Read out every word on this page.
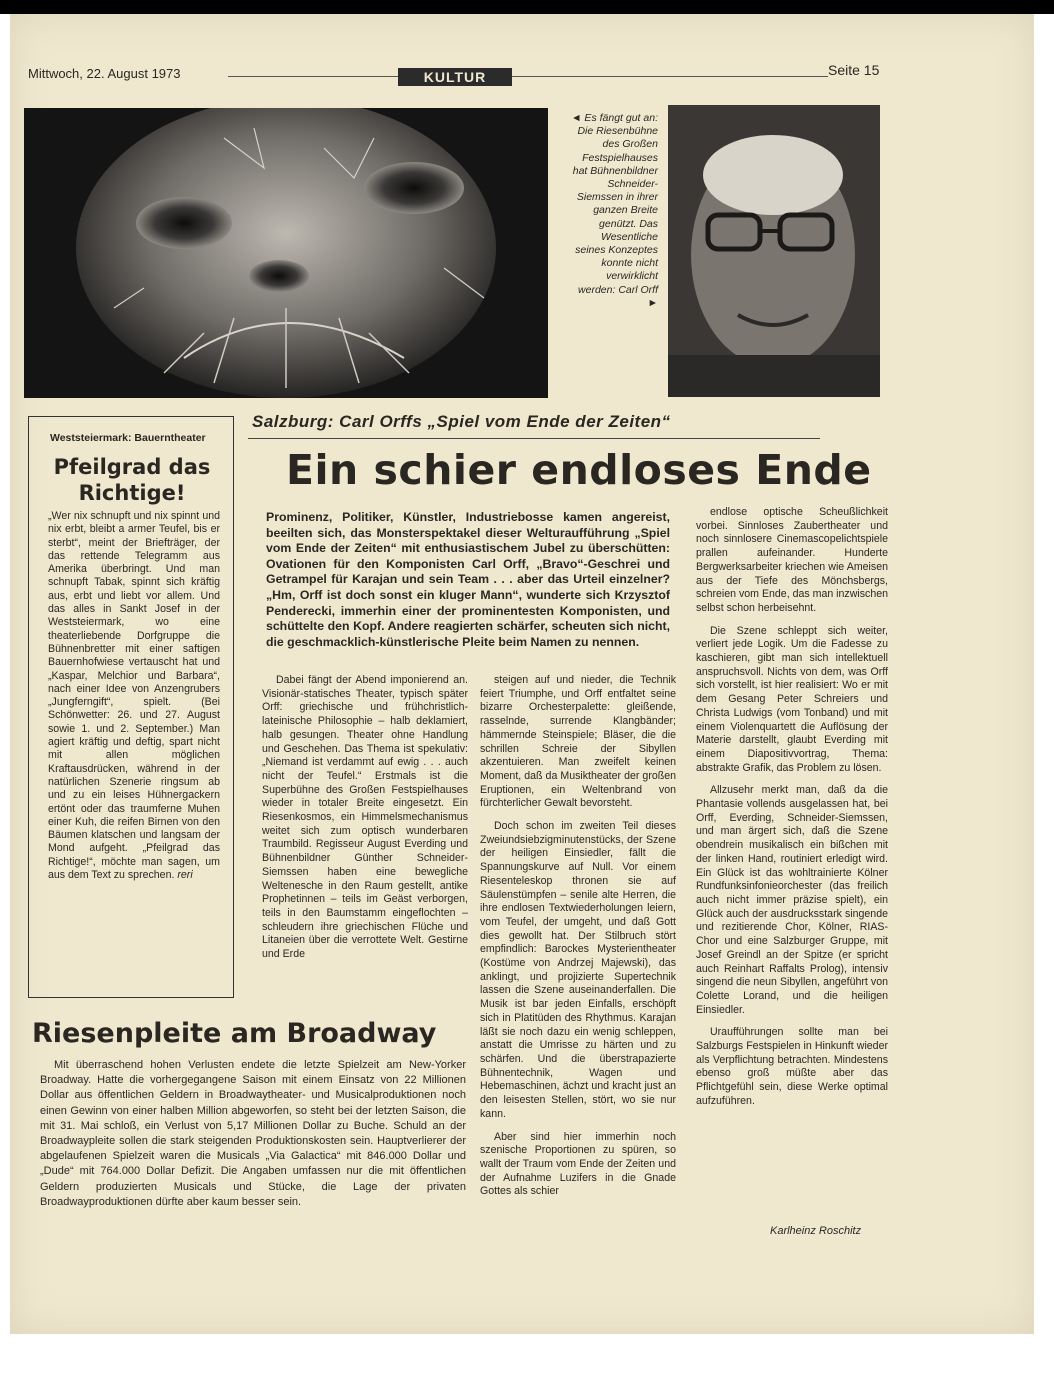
Mittwoch, 22. August 1973	KULTUR	Seite 15
◄ Es fängt gut an: Die Riesenbühne des Großen Festspielhauses hat Bühnenbildner Schneider-Siemssen in ihrer ganzen Breite genützt. Das Wesentliche seines Konzeptes konnte nicht verwirklicht werden: Carl Orff ►
Weststeiermark: Bauerntheater
Pfeilgrad das Richtige!
„Wer nix schnupft und nix spinnt und nix erbt, bleibt a armer Teufel, bis er sterbt“, meint der Briefträger, der das rettende Telegramm aus Amerika überbringt. Und man schnupft Tabak, spinnt sich kräftig aus, erbt und liebt vor allem. Und das alles in Sankt Josef in der Weststeiermark, wo eine theaterliebende Dorfgruppe die Bühnenbretter mit einer saftigen Bauernhofwiese vertauscht hat und „Kaspar, Melchior und Barbara“, nach einer Idee von Anzengrubers „Jungferngift“, spielt. (Bei Schönwetter: 26. und 27. August sowie 1. und 2. September.) Man agiert kräftig und deftig, spart nicht mit allen möglichen Kraftausdrücken, während in der natürlichen Szenerie ringsum ab und zu ein leises Hühnergackern ertönt oder das traumferne Muhen einer Kuh, die reifen Birnen von den Bäumen klatschen und langsam der Mond aufgeht. „Pfeilgrad das Richtige!“, möchte man sagen, um aus dem Text zu sprechen. reri
Salzburg: Carl Orffs „Spiel vom Ende der Zeiten“
Ein schier endloses Ende
Prominenz, Politiker, Künstler, Industriebosse kamen angereist, beeilten sich, das Monsterspektakel dieser Welturaufführung „Spiel vom Ende der Zeiten“ mit enthusiastischem Jubel zu überschütten: Ovationen für den Komponisten Carl Orff, „Bravo“-Geschrei und Getrampel für Karajan und sein Team . . . aber das Urteil einzelner? „Hm, Orff ist doch sonst ein kluger Mann“, wunderte sich Krzysztof Penderecki, immerhin einer der prominentesten Komponisten, und schüttelte den Kopf. Andere reagierten schärfer, scheuten sich nicht, die geschmacklich-künstlerische Pleite beim Namen zu nennen.

Dabei fängt der Abend imponierend an. Visionär-statisches Theater, typisch später Orff: griechische und frühchristlich-lateinische Philosophie – halb deklamiert, halb gesungen. Theater ohne Handlung und Geschehen. Das Thema ist spekulativ: „Niemand ist verdammt auf ewig . . . auch nicht der Teufel.“ Erstmals ist die Superbühne des Großen Festspielhauses wieder in totaler Breite eingesetzt. Ein Riesenkosmos, ein Himmelsmechanismus weitet sich zum optisch wunderbaren Traumbild. Regisseur August Everding und Bühnenbildner Günther Schneider-Siemssen haben eine bewegliche Weltenesche in den Raum gestellt, antike Prophetinnen – teils im Geäst verborgen, teils in den Baumstamm eingeflochten – schleudern ihre griechischen Flüche und Litaneien über die verrottete Welt. Gestirne und Erde

steigen auf und nieder, die Technik feiert Triumphe, und Orff entfaltet seine bizarre Orchesterpalette: gleißende, rasselnde, surrende Klangbänder; hämmernde Steinspiele; Bläser, die die schrillen Schreie der Sibyllen akzentuieren. Man zweifelt keinen Moment, daß da Musiktheater der großen Eruptionen, ein Weltenbrand von fürchterlicher Gewalt bevorsteht.

Doch schon im zweiten Teil dieses Zweiundsiebzigminutenstücks, der Szene der heiligen Einsiedler, fällt die Spannungskurve auf Null. Vor einem Riesenteleskop thronen sie auf Säulenstümpfen – senile alte Herren, die ihre endlosen Textwiederholungen leiern, vom Teufel, der umgeht, und daß Gott dies gewollt hat. Der Stilbruch stört empfindlich: Barockes Mysterientheater (Kostüme von Andrzej Majewski), das anklingt, und projizierte Supertechnik lassen die Szene auseinanderfallen. Die Musik ist bar jeden Einfalls, erschöpft sich in Platitüden des Rhythmus. Karajan läßt sie noch dazu ein wenig schleppen, anstatt die Umrisse zu härten und zu schärfen. Und die überstrapazierte Bühnentechnik, Wagen und Hebemaschinen, ächzt und kracht just an den leisesten Stellen, stört, wo sie nur kann.

Aber sind hier immerhin noch szenische Proportionen zu spüren, so wallt der Traum vom Ende der Zeiten und der Aufnahme Luzifers in die Gnade Gottes als schier

endlose optische Scheußlichkeit vorbei. Sinnloses Zaubertheater und noch sinnlosere Cinemascopelichtspiele prallen aufeinander. Hunderte Bergwerksarbeiter kriechen wie Ameisen aus der Tiefe des Mönchsbergs, schreien vom Ende, das man inzwischen selbst schon herbeisehnt.

Die Szene schleppt sich weiter, verliert jede Logik. Um die Fadesse zu kaschieren, gibt man sich intellektuell anspruchsvoll. Nichts von dem, was Orff sich vorstellt, ist hier realisiert: Wo er mit dem Gesang Peter Schreiers und Christa Ludwigs (vom Tonband) und mit einem Violenquartett die Auflösung der Materie darstellt, glaubt Everding mit einem Diapositivvortrag, Thema: abstrakte Grafik, das Problem zu lösen.

Allzusehr merkt man, daß da die Phantasie vollends ausgelassen hat, bei Orff, Everding, Schneider-Siemssen, und man ärgert sich, daß die Szene obendrein musikalisch ein bißchen mit der linken Hand, routiniert erledigt wird. Ein Glück ist das wohltrainierte Kölner Rundfunksinfonieorchester (das freilich auch nicht immer präzise spielt), ein Glück auch der ausdrucksstark singende und rezitierende Chor, Kölner, RIAS-Chor und eine Salzburger Gruppe, mit Josef Greindl an der Spitze (er spricht auch Reinhart Raffalts Prolog), intensiv singend die neun Sibyllen, angeführt von Colette Lorand, und die heiligen Einsiedler.

Uraufführungen sollte man bei Salzburgs Festspielen in Hinkunft wieder als Verpflichtung betrachten. Mindestens ebenso groß müßte aber das Pflichtgefühl sein, diese Werke optimal aufzuführen.

Karlheinz Roschitz
Riesenpleite am Broadway
Mit überraschend hohen Verlusten endete die letzte Spielzeit am New-Yorker Broadway. Hatte die vorhergegangene Saison mit einem Einsatz von 22 Millionen Dollar aus öffentlichen Geldern in Broadwaytheater- und Musicalproduktionen noch einen Gewinn von einer halben Million abgeworfen, so steht bei der letzten Saison, die mit 31. Mai schloß, ein Verlust von 5,17 Millionen Dollar zu Buche. Schuld an der Broadwaypleite sollen die stark steigenden Produktionskosten sein. Hauptverlierer der abgelaufenen Spielzeit waren die Musicals „Via Galactica“ mit 846.000 Dollar und „Dude“ mit 764.000 Dollar Defizit. Die Angaben umfassen nur die mit öffentlichen Geldern produzierten Musicals und Stücke, die Lage der privaten Broadwayproduktionen dürfte aber kaum besser sein.
